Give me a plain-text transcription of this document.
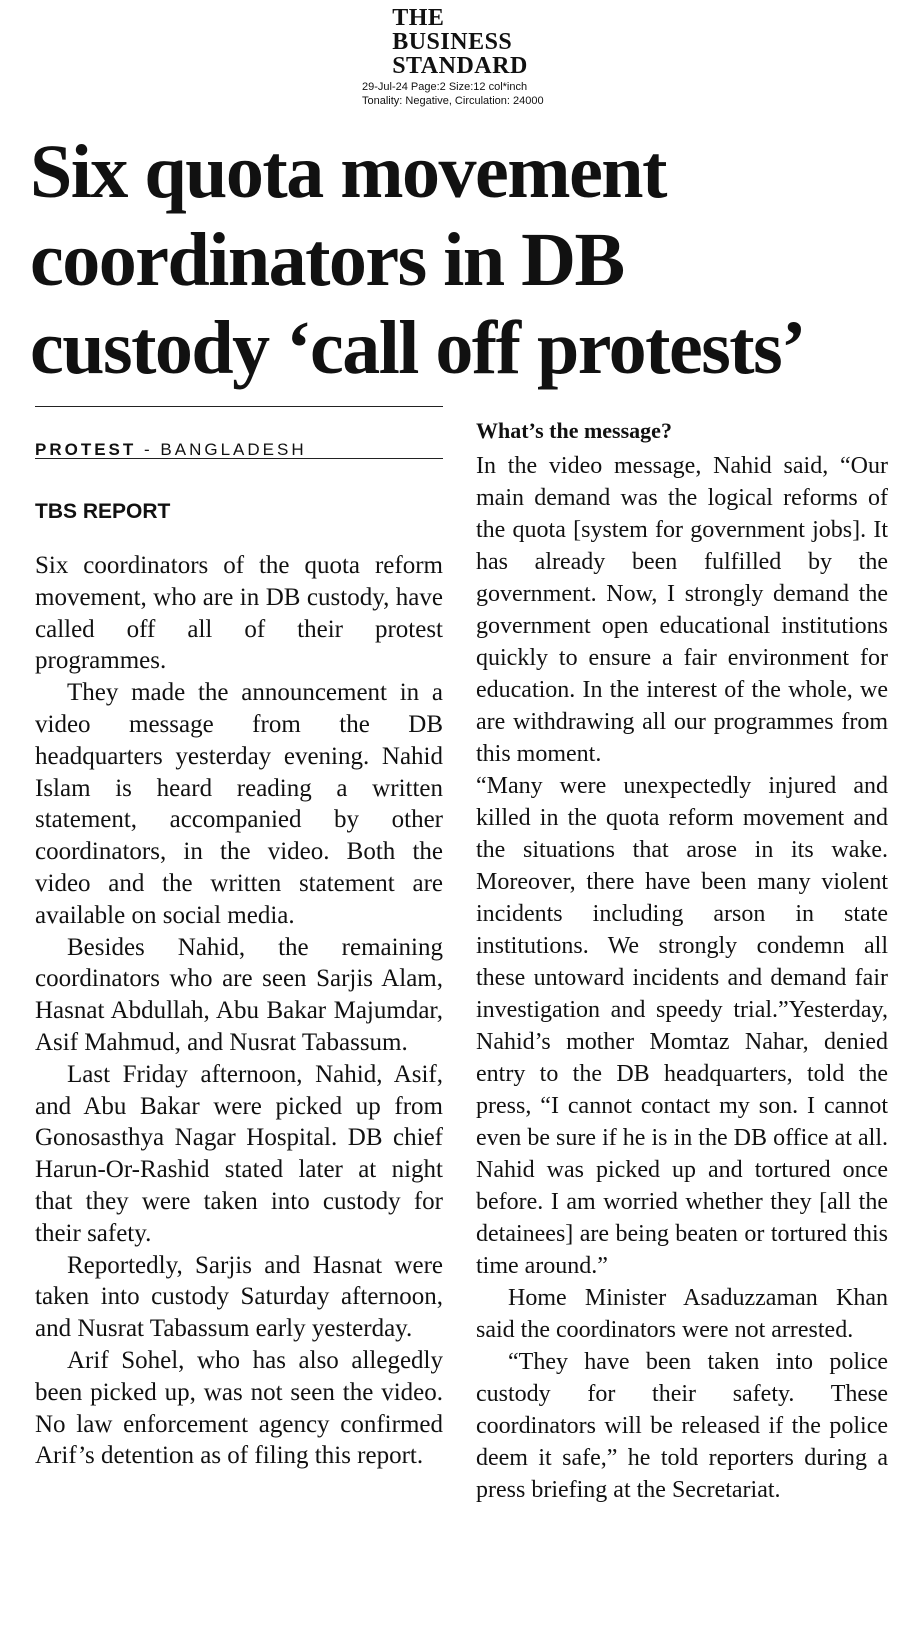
THE
BUSINESS
STANDARD
29-Jul-24 Page:2 Size:12 col*inch
Tonality: Negative, Circulation: 24000
Six quota movement
coordinators in DB
custody ‘call off protests’
PROTEST - BANGLADESH
TBS REPORT

Six coordinators of the quota reform movement, who are in DB custody, have called off all of their protest programmes.

They made the announcement in a video message from the DB headquarters yesterday evening. Nahid Islam is heard reading a written statement, accompanied by other coordinators, in the video. Both the video and the written statement are available on social media.

Besides Nahid, the remaining coordinators who are seen Sarjis Alam, Hasnat Abdullah, Abu Bakar Majumdar, Asif Mahmud, and Nusrat Tabassum.

Last Friday afternoon, Nahid, Asif, and Abu Bakar were picked up from Gonosasthya Nagar Hospital. DB chief Harun-Or-Rashid stated later at night that they were taken into custody for their safety.

Reportedly, Sarjis and Hasnat were taken into custody Saturday afternoon, and Nusrat Tabassum early yesterday.

Arif Sohel, who has also allegedly been picked up, was not seen the video. No law enforcement agency confirmed Arif’s detention as of filing this report.

What’s the message?

In the video message, Nahid said, “Our main demand was the logical reforms of the quota [system for government jobs]. It has already been fulfilled by the government. Now, I strongly demand the government open educational institutions quickly to ensure a fair environment for education. In the interest of the whole, we are withdrawing all our programmes from this moment.

“Many were unexpectedly injured and killed in the quota reform movement and the situations that arose in its wake. Moreover, there have been many violent incidents including arson in state institutions. We strongly condemn all these untoward incidents and demand fair investigation and speedy trial.”Yesterday, Nahid’s mother Momtaz Nahar, denied entry to the DB headquarters, told the press, “I cannot contact my son. I cannot even be sure if he is in the DB office at all. Nahid was picked up and tortured once before. I am worried whether they [all the detainees] are being beaten or tortured this time around.”

Home Minister Asaduzzaman Khan said the coordinators were not arrested.

“They have been taken into police custody for their safety. These coordinators will be released if the police deem it safe,” he told reporters during a press briefing at the Secretariat.
